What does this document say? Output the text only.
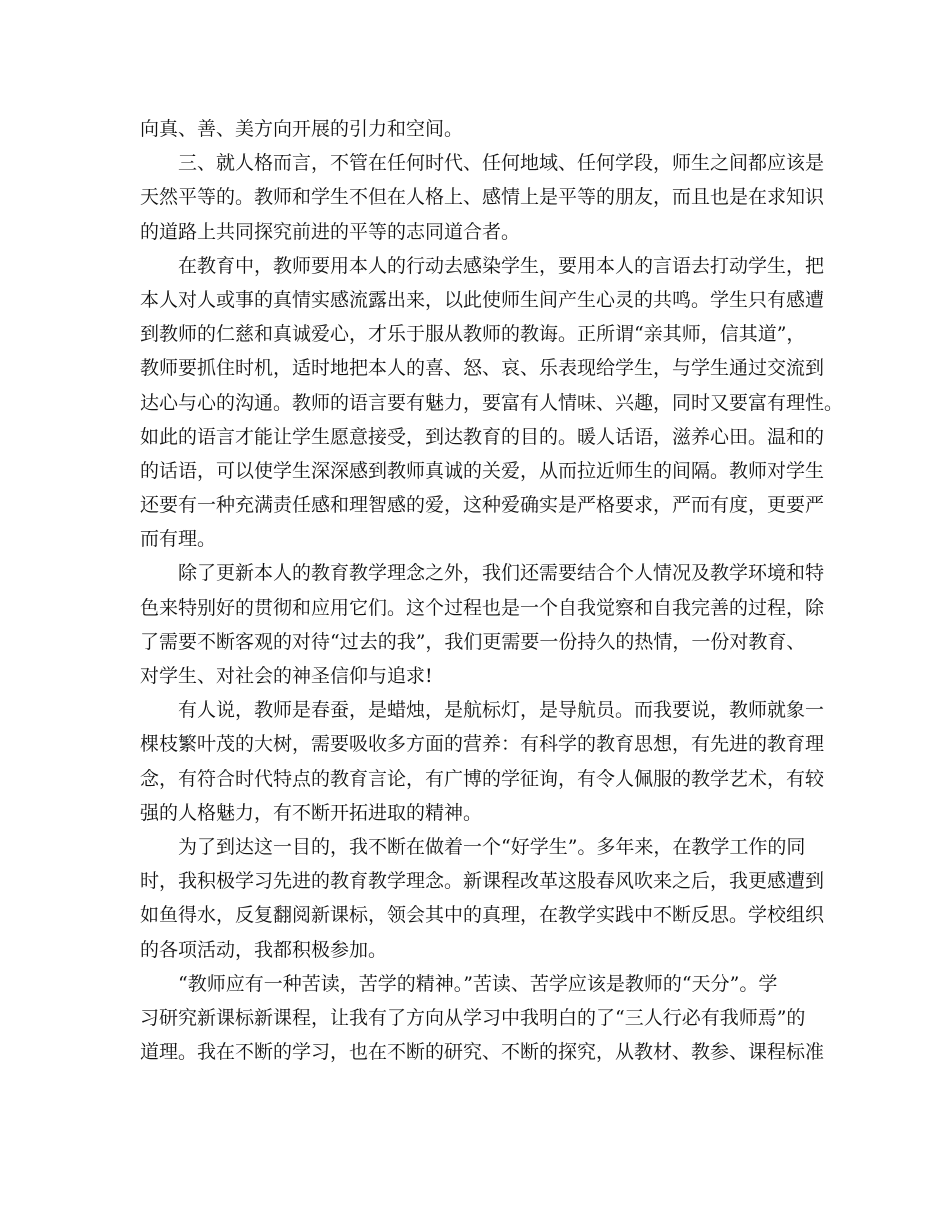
向真、善、美方向开展的引力和空间。
三、就人格而言，不管在任何时代、任何地域、任何学段，师生之间都应该是
天然平等的。教师和学生不但在人格上、感情上是平等的朋友，而且也是在求知识
的道路上共同探究前进的平等的志同道合者。
在教育中，教师要用本人的行动去感染学生，要用本人的言语去打动学生，把
本人对人或事的真情实感流露出来，以此使师生间产生心灵的共鸣。学生只有感遭
到教师的仁慈和真诚爱心，才乐于服从教师的教诲。正所谓“亲其师，信其道”，
教师要抓住时机，适时地把本人的喜、怒、哀、乐表现给学生，与学生通过交流到
达心与心的沟通。教师的语言要有魅力，要富有人情味、兴趣，同时又要富有理性。
如此的语言才能让学生愿意接受，到达教育的目的。暖人话语，滋养心田。温和的
的话语，可以使学生深深感到教师真诚的关爱，从而拉近师生的间隔。教师对学生
还要有一种充满责任感和理智感的爱，这种爱确实是严格要求，严而有度，更要严
而有理。
除了更新本人的教育教学理念之外，我们还需要结合个人情况及教学环境和特
色来特别好的贯彻和应用它们。这个过程也是一个自我觉察和自我完善的过程，除
了需要不断客观的对待“过去的我”，我们更需要一份持久的热情，一份对教育、
对学生、对社会的神圣信仰与追求!
有人说，教师是春蚕，是蜡烛，是航标灯，是导航员。而我要说，教师就象一
棵枝繁叶茂的大树，需要吸收多方面的营养：有科学的教育思想，有先进的教育理
念，有符合时代特点的教育言论，有广博的学征询，有令人佩服的教学艺术，有较
强的人格魅力，有不断开拓进取的精神。
为了到达这一目的，我不断在做着一个“好学生”。多年来，在教学工作的同
时，我积极学习先进的教育教学理念。新课程改革这股春风吹来之后，我更感遭到
如鱼得水，反复翻阅新课标，领会其中的真理，在教学实践中不断反思。学校组织
的各项活动，我都积极参加。
“教师应有一种苦读，苦学的精神。”苦读、苦学应该是教师的“天分”。学
习研究新课标新课程，让我有了方向从学习中我明白的了“三人行必有我师焉”的
道理。我在不断的学习，也在不断的研究、不断的探究，从教材、教参、课程标准
